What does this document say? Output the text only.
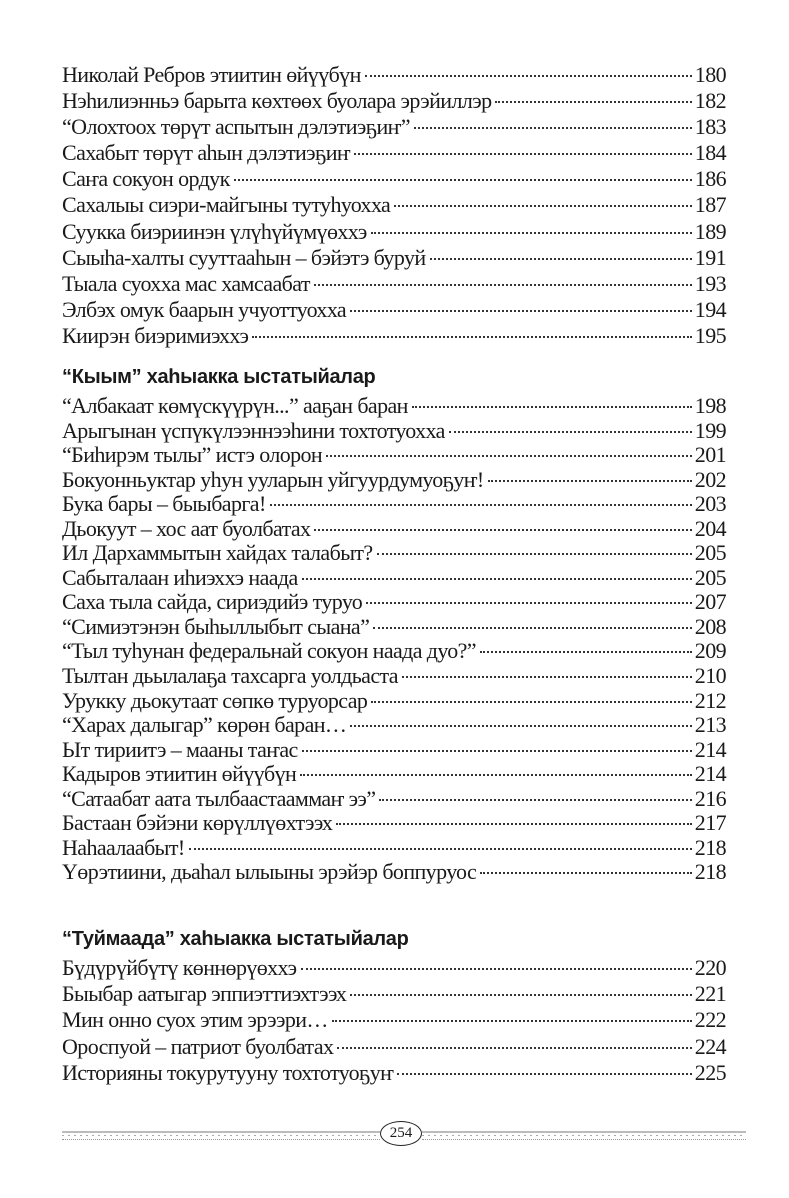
Николай Ребров этиитин өйүүбүн	180
Нэһилиэнньэ барыта көхтөөх буолара эрэйиллэр	182
“Олохтоох төрүт аспытын дэлэтиэҕиҥ”	183
Сахабыт төрүт аһын дэлэтиэҕиҥ	184
Саҥа сокуон ордук	186
Сахалыы сиэри-майгыны тутуһуохха	187
Суукка биэриинэн үлүһүйүмүөххэ	189
Сыыһа-халты сууттааһын – бэйэтэ буруй	191
Тыала суохха мас хамсаабат	193
Элбэх омук баарын учуоттуохха	194
Киирэн биэримиэххэ	195
“Кыым” хаһыакка ыстатыйалар
“Албакаат көмүскүүрүн...” ааҕан баран	198
Арыгынан үспүкүлээннээһини тохтотуохха	199
“Биһирэм тылы” истэ олорон	201
Бокуонньуктар уһун ууларын уйгуурдумуоҕуҥ!	202
Бука бары – быыбарга!	203
Дьокуут – хос аат буолбатах	204
Ил Дархаммытын хайдах талабыт?	205
Сабыталаан иһиэххэ наада	205
Саха тыла сайда, сириэдийэ туруо	207
“Симиэтэнэн быһыллыбыт сыана”	208
“Тыл туһунан федеральнай сокуон наада дуо?”	209
Тылтан дьылалаҕа тахсарга уолдьаста	210
Урукку дьокутаат сөпкө туруорсар	212
“Харах далыгар” көрөн баран…	213
Ыт тириитэ – мааны таҥас	214
Кадыров этиитин өйүүбүн	214
“Сатаабат аата тылбаастааммаҥ ээ”	216
Бастаан бэйэни көрүллүөхтээх	217
Наһаалаабыт!	218
Үөрэтиини, дьаһал ылыыны эрэйэр боппуруос	218
“Туймаада” хаһыакка ыстатыйалар
Бүдүрүйбүтү көннөрүөххэ	220
Быыбар аатыгар эппиэттиэхтээх	221
Мин онно суох этим эрээри…	222
Ороспуой – патриот буолбатах	224
Историяны токурутууну тохтотуоҕуҥ	225
254
